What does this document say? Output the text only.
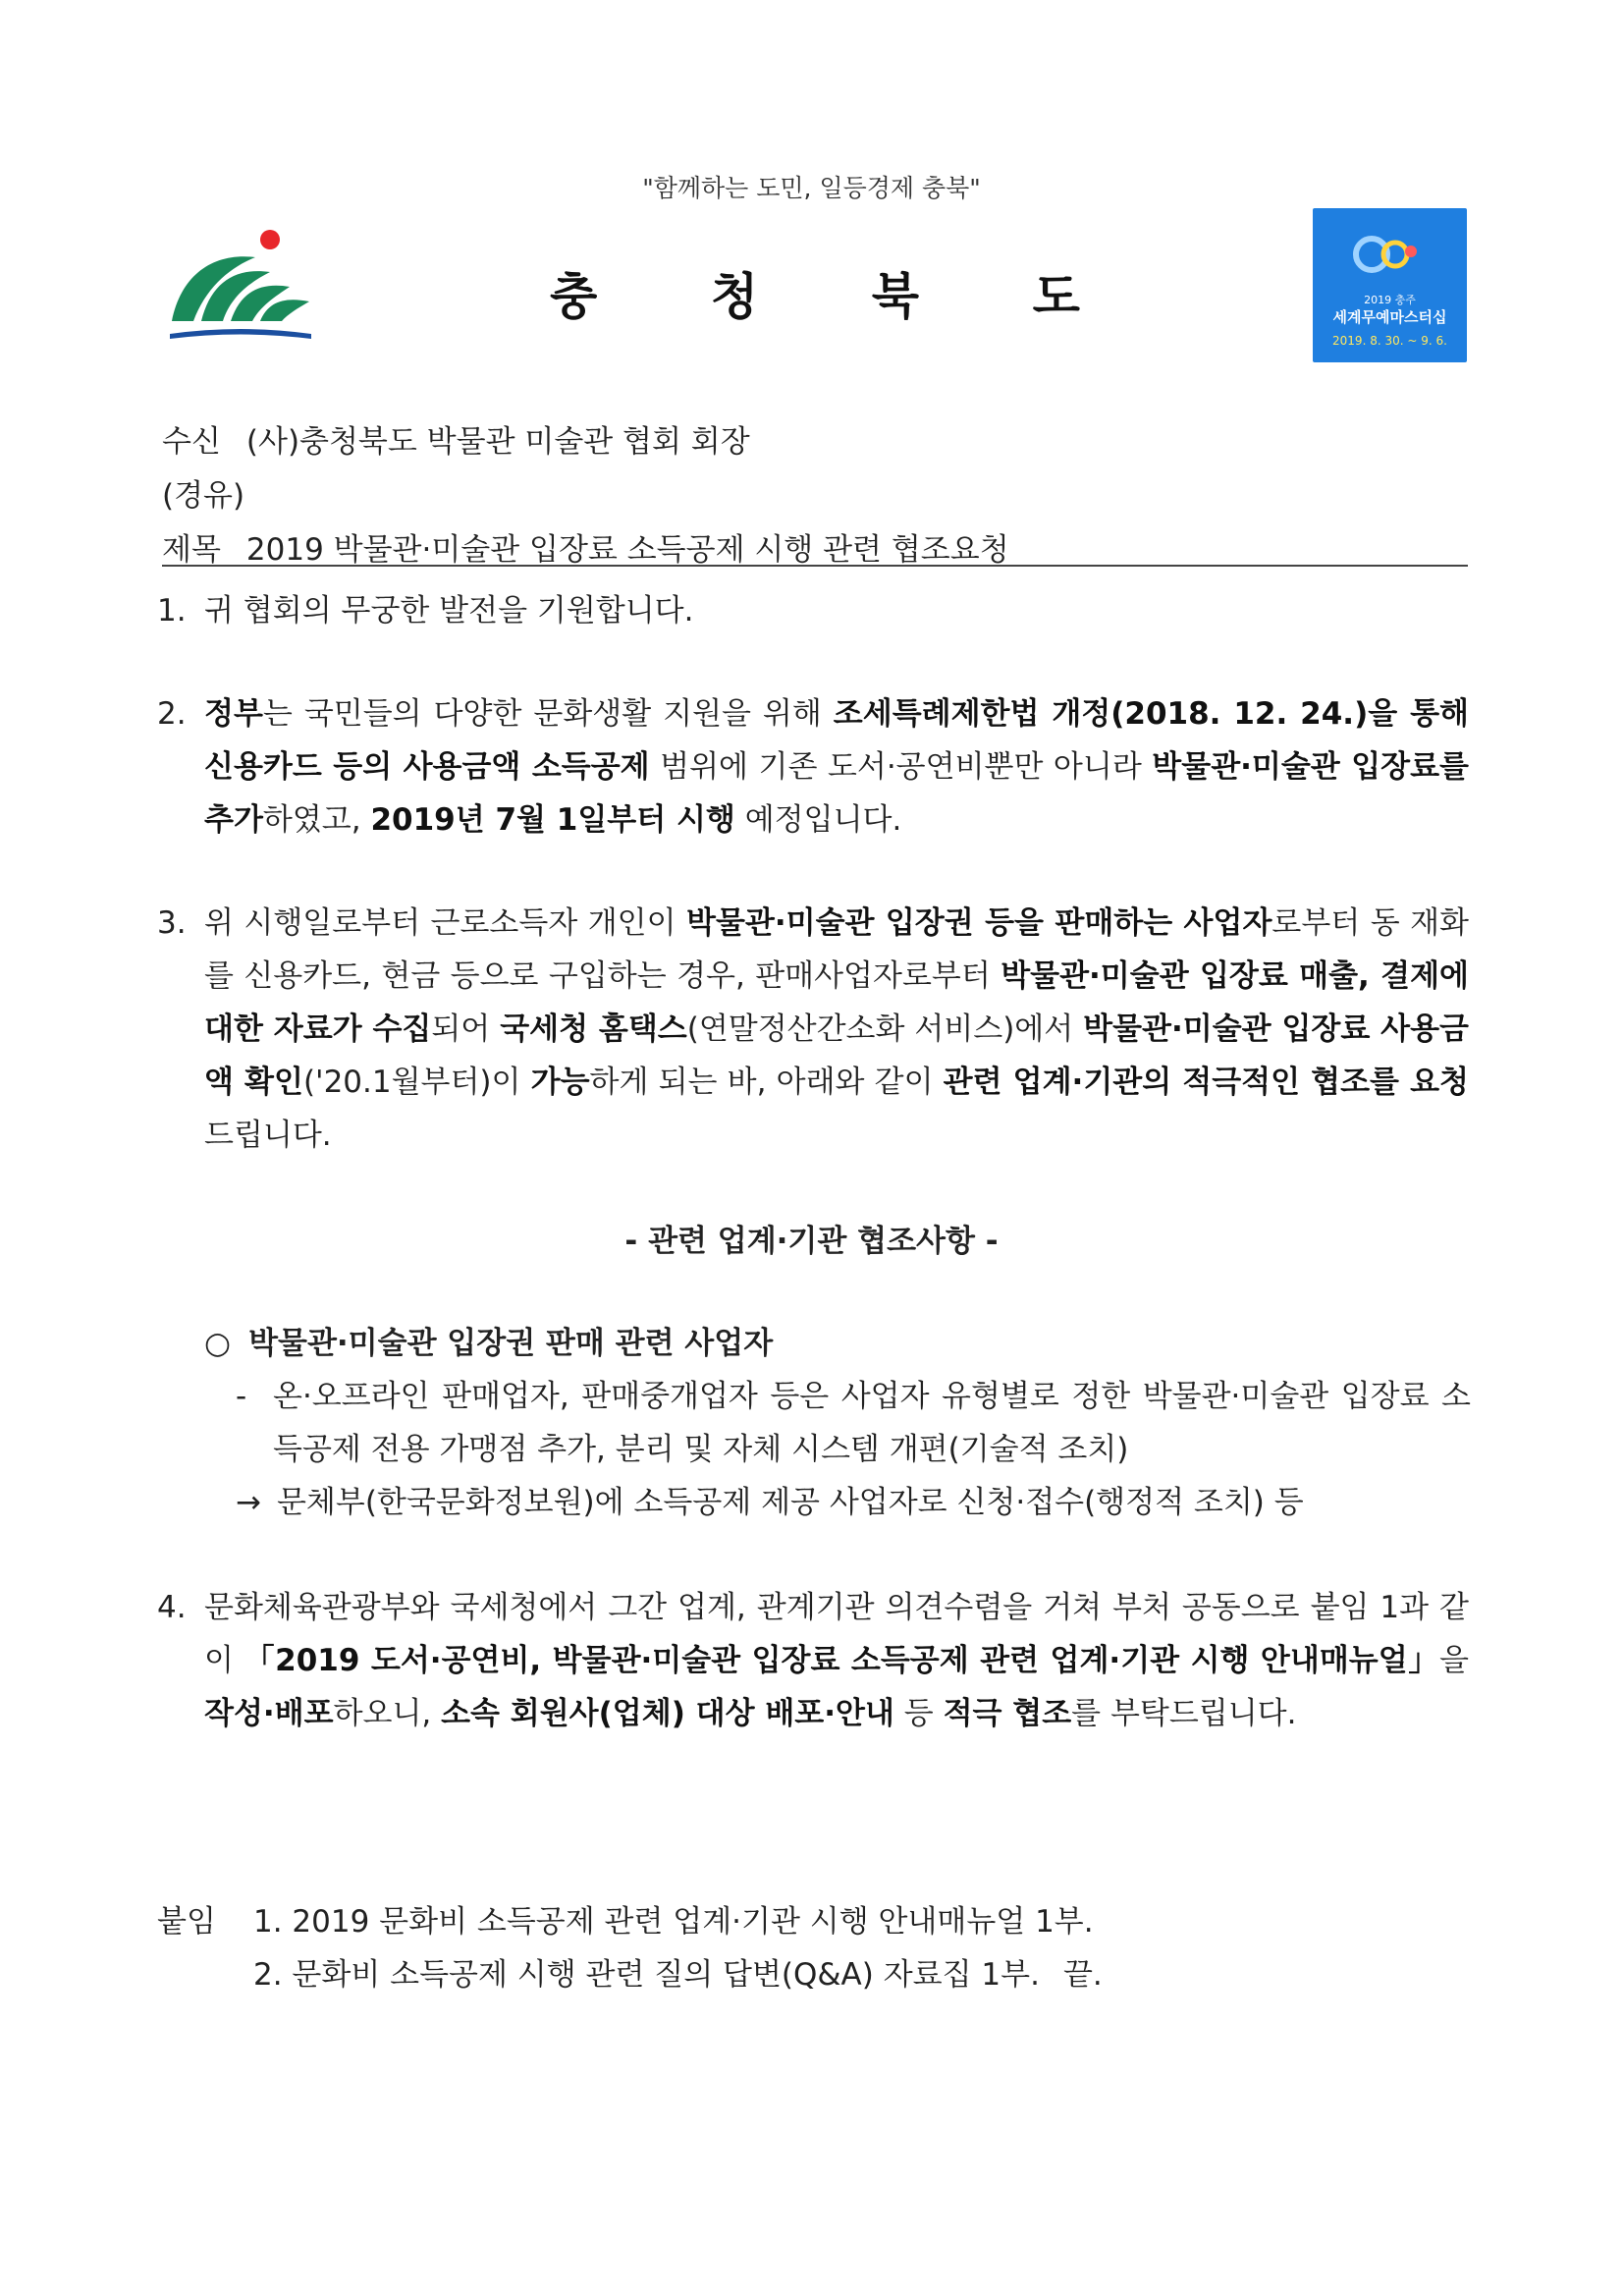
"함께하는 도민, 일등경제 충북"
충 청 북 도	2019 충주
세계무예마스터십
2019. 8. 30. ~ 9. 6.
수신 (사)충청북도 박물관 미술관 협회 회장
(경유)
제목 2019 박물관·미술관 입장료 소득공제 시행 관련 협조요청
1. 귀 협회의 무궁한 발전을 기원합니다.
2. 정부는 국민들의 다양한 문화생활 지원을 위해 조세특례제한법 개정(2018. 12. 24.)을 통해 신용카드 등의 사용금액 소득공제 범위에 기존 도서·공연비뿐만 아니라 박물관·미술관 입장료를 추가하였고, 2019년 7월 1일부터 시행 예정입니다.
3. 위 시행일로부터 근로소득자 개인이 박물관·미술관 입장권 등을 판매하는 사업자로부터 동 재화를 신용카드, 현금 등으로 구입하는 경우, 판매사업자로부터 박물관·미술관 입장료 매출, 결제에 대한 자료가 수집되어 국세청 홈택스(연말정산간소화 서비스)에서 박물관·미술관 입장료 사용금액 확인('20.1월부터)이 가능하게 되는 바, 아래와 같이 관련 업계·기관의 적극적인 협조를 요청드립니다.
- 관련 업계·기관 협조사항 -
○ 박물관·미술관 입장권 판매 관련 사업자
- 온·오프라인 판매업자, 판매중개업자 등은 사업자 유형별로 정한 박물관·미술관 입장료 소득공제 전용 가맹점 추가, 분리 및 자체 시스템 개편(기술적 조치)
→ 문체부(한국문화정보원)에 소득공제 제공 사업자로 신청·접수(행정적 조치) 등
4. 문화체육관광부와 국세청에서 그간 업계, 관계기관 의견수렴을 거쳐 부처 공동으로 붙임 1과 같이 「2019 도서·공연비, 박물관·미술관 입장료 소득공제 관련 업계·기관 시행 안내매뉴얼」을 작성·배포하오니, 소속 회원사(업체) 대상 배포·안내 등 적극 협조를 부탁드립니다.
붙임 1. 2019 문화비 소득공제 관련 업계·기관 시행 안내매뉴얼 1부.
2. 문화비 소득공제 시행 관련 질의 답변(Q&A) 자료집 1부. 끝.
